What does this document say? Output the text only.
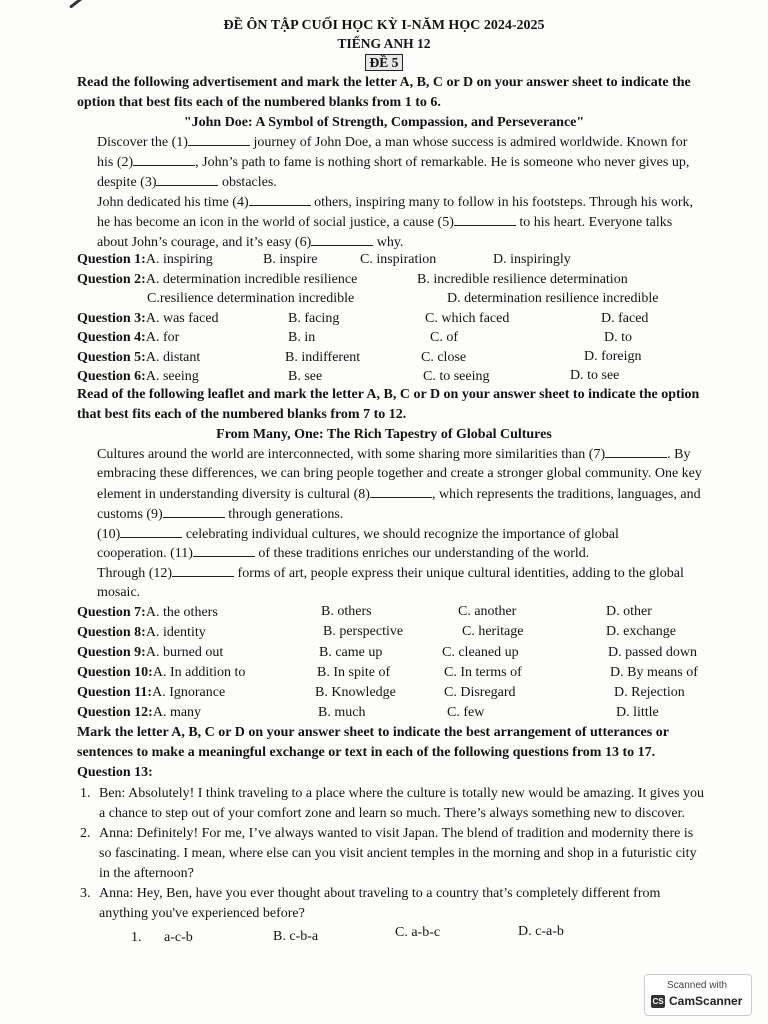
ĐỀ ÔN TẬP CUỐI HỌC KỲ I-NĂM HỌC 2024-2025
TIẾNG ANH 12
ĐỀ 5
Read the following advertisement and mark the letter A, B, C or D on your answer sheet to indicate the
option that best fits each of the numbered blanks from 1 to 6.
"John Doe: A Symbol of Strength, Compassion, and Perseverance"
Discover the (1)	journey of John Doe, a man whose success is admired worldwide. Known for
his (2)	, John’s path to fame is nothing short of remarkable. He is someone who never gives up,
despite (3)	obstacles.
John dedicated his time (4)	others, inspiring many to follow in his footsteps. Through his work,
he has become an icon in the world of social justice, a cause (5)	to his heart. Everyone talks
about John’s courage, and it’s easy (6)	why.
Question 1:A. inspiring	B. inspire	C. inspiration	D. inspiringly
Question 2:A. determination incredible resilience	B. incredible resilience determination
C.resilience determination incredible	D. determination resilience incredible
Question 3:A. was faced	B. facing	C. which faced	D. faced
Question 4:A. for	B. in	C. of	D. to
Question 5:A. distant	B. indifferent	C. close	D. foreign
Question 6:A. seeing	B. see	C. to seeing	D. to see
Read of the following leaflet and mark the letter A, B, C or D on your answer sheet to indicate the option
that best fits each of the numbered blanks from 7 to 12.
From Many, One: The Rich Tapestry of Global Cultures
Cultures around the world are interconnected, with some sharing more similarities than (7)	. By
embracing these differences, we can bring people together and create a stronger global community. One key
element in understanding diversity is cultural (8)	, which represents the traditions, languages, and
customs (9)	through generations.
(10)	celebrating individual cultures, we should recognize the importance of global
cooperation. (11)	of these traditions enriches our understanding of the world.
Through (12)	forms of art, people express their unique cultural identities, adding to the global
mosaic.
Question 7:A. the others	B. others	C. another	D. other
Question 8:A. identity	B. perspective	C. heritage	D. exchange
Question 9:A. burned out	B. came up	C. cleaned up	D. passed down
Question 10:A. In addition to	B. In spite of	C. In terms of	D. By means of
Question 11:A. Ignorance	B. Knowledge	C. Disregard	D. Rejection
Question 12:A. many	B. much	C. few	D. little
Mark the letter A, B, C or D on your answer sheet to indicate the best arrangement of utterances or
sentences to make a meaningful exchange or text in each of the following questions from 13 to 17.
Question 13:
1. Ben: Absolutely! I think traveling to a place where the culture is totally new would be amazing. It gives you
a chance to step out of your comfort zone and learn so much. There’s always something new to discover.
2. Anna: Definitely! For me, I’ve always wanted to visit Japan. The blend of tradition and modernity there is
so fascinating. I mean, where else can you visit ancient temples in the morning and shop in a futuristic city
in the afternoon?
3. Anna: Hey, Ben, have you ever thought about traveling to a country that’s completely different from
anything you've experienced before?
1. a-c-b	B. c-b-a	C. a-b-c	D. c-a-b
Scanned with
CS CamScanner
